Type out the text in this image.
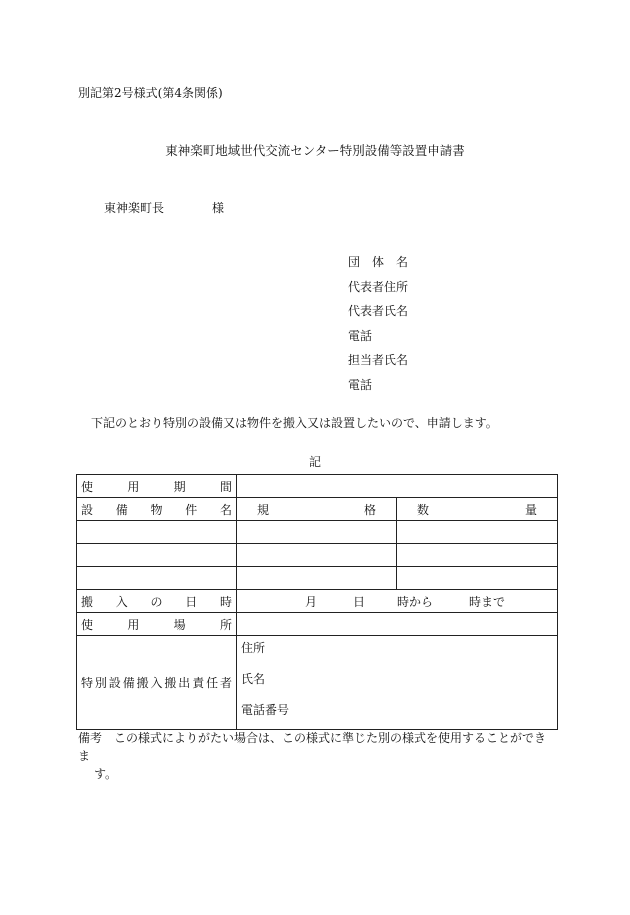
別記第2号様式(第4条関係)
東神楽町地域世代交流センター特別設備等設置申請書
東神楽町長	様
団　体　名
代表者住所
代表者氏名
電話
担当者氏名
電話
下記のとおり特別の設備又は物件を搬入又は設置したいので、申請します。
記
使用期間		
設備物件名	規格	数量

搬入の日時	月 日 時から 時まで	
使用場所		
特別設備搬入搬出責任者	住所
氏名
電話番号	
備考 この様式によりがたい場合は、この様式に準じた別の様式を使用することができま
す。
